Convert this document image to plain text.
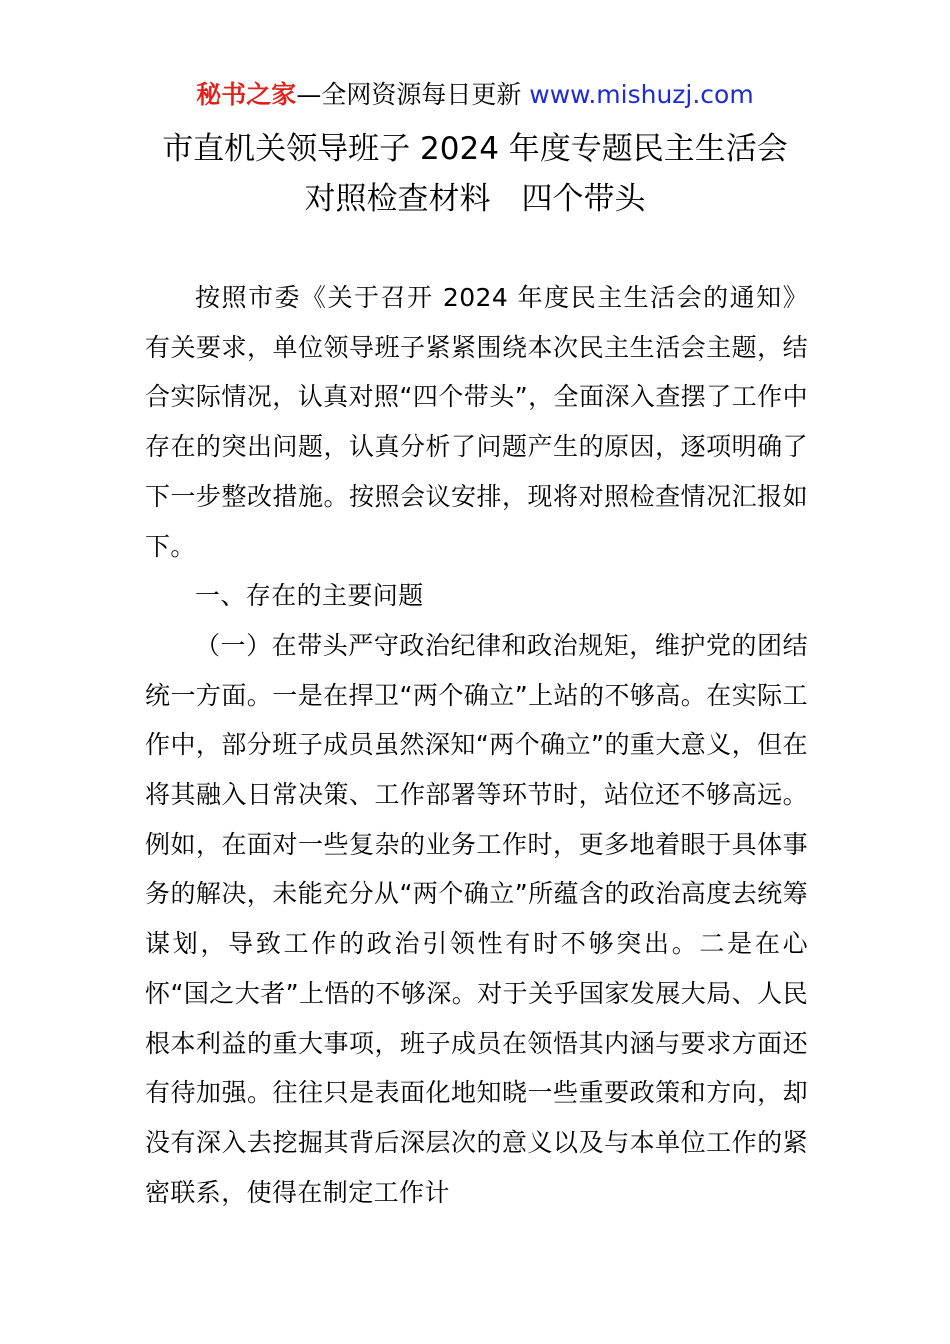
秘书之家—全网资源每日更新 www.mishuzj.com
市直机关领导班子 2024 年度专题民主生活会
对照检查材料　四个带头

按照市委《关于召开 2024 年度民主生活会的通知》有关要求，单位领导班子紧紧围绕本次民主生活会主题，结合实际情况，认真对照“四个带头”，全面深入查摆了工作中存在的突出问题，认真分析了问题产生的原因，逐项明确了下一步整改措施。按照会议安排，现将对照检查情况汇报如下。

一、存在的主要问题

（一）在带头严守政治纪律和政治规矩，维护党的团结统一方面。一是在捍卫“两个确立”上站的不够高。在实际工作中，部分班子成员虽然深知“两个确立”的重大意义，但在将其融入日常决策、工作部署等环节时，站位还不够高远。例如，在面对一些复杂的业务工作时，更多地着眼于具体事务的解决，未能充分从“两个确立”所蕴含的政治高度去统筹谋划，导致工作的政治引领性有时不够突出。二是在心怀“国之大者”上悟的不够深。对于关乎国家发展大局、人民根本利益的重大事项，班子成员在领悟其内涵与要求方面还有待加强。往往只是表面化地知晓一些重要政策和方向，却没有深入去挖掘其背后深层次的意义以及与本单位工作的紧密联系，使得在制定工作计
